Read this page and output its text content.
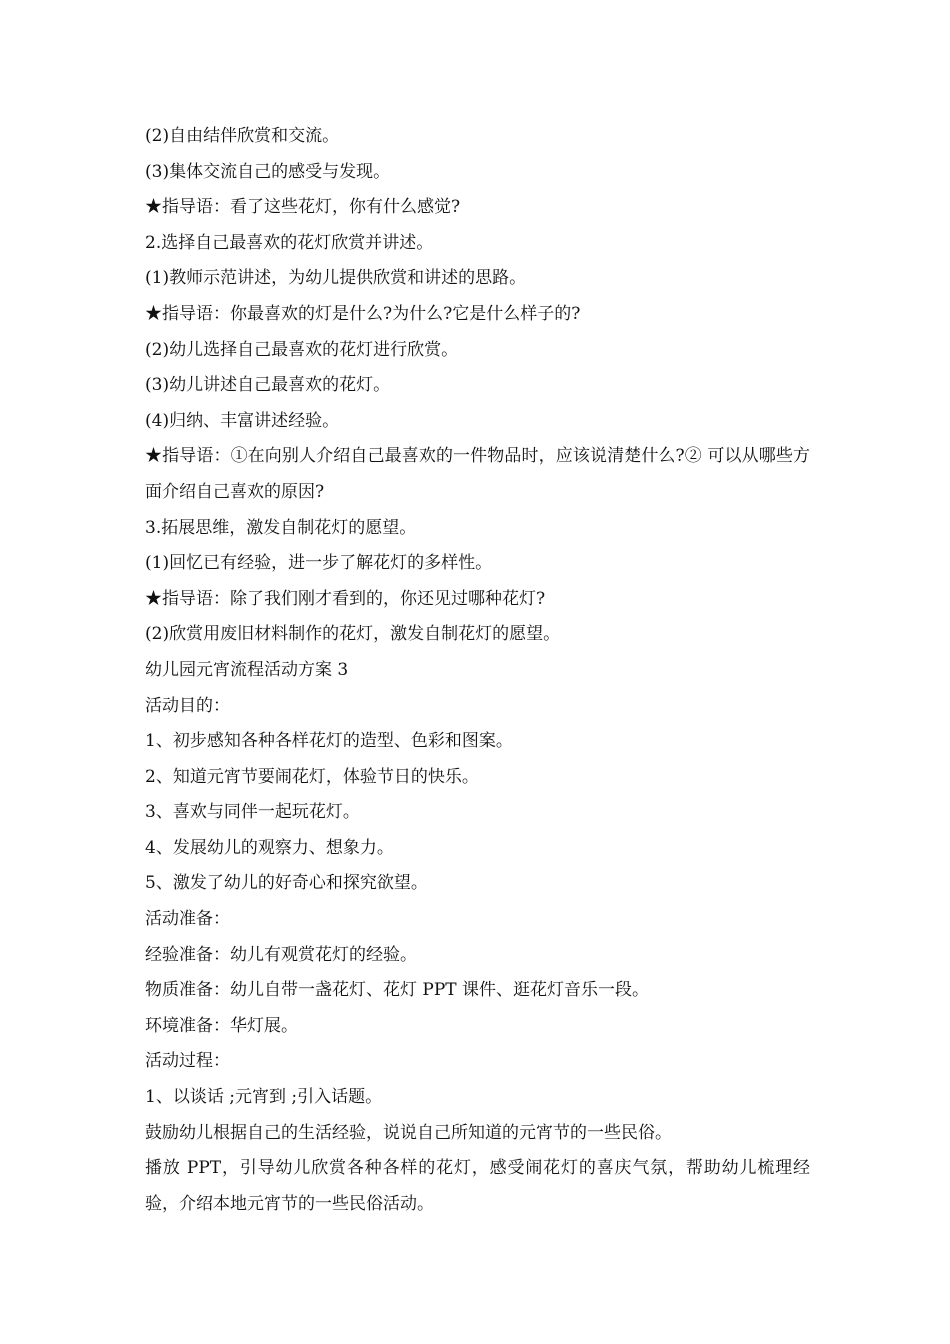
(2)自由结伴欣赏和交流。
(3)集体交流自己的感受与发现。
★指导语：看了这些花灯，你有什么感觉?
2.选择自己最喜欢的花灯欣赏并讲述。
(1)教师示范讲述，为幼儿提供欣赏和讲述的思路。
★指导语：你最喜欢的灯是什么?为什么?它是什么样子的?
(2)幼儿选择自己最喜欢的花灯进行欣赏。
(3)幼儿讲述自己最喜欢的花灯。
(4)归纳、丰富讲述经验。
★指导语：①在向别人介绍自己最喜欢的一件物品时，应该说清楚什么?② 可以从哪些方面介绍自己喜欢的原因?
3.拓展思维，激发自制花灯的愿望。
(1)回忆已有经验，进一步了解花灯的多样性。
★指导语：除了我们刚才看到的，你还见过哪种花灯?
(2)欣赏用废旧材料制作的花灯，激发自制花灯的愿望。
幼儿园元宵流程活动方案 3
活动目的：
1、初步感知各种各样花灯的造型、色彩和图案。
2、知道元宵节要闹花灯，体验节日的快乐。
3、喜欢与同伴一起玩花灯。
4、发展幼儿的观察力、想象力。
5、激发了幼儿的好奇心和探究欲望。
活动准备：
经验准备：幼儿有观赏花灯的经验。
物质准备：幼儿自带一盏花灯、花灯 PPT 课件、逛花灯音乐一段。
环境准备：华灯展。
活动过程：
1、以谈话 ;元宵到 ;引入话题。
鼓励幼儿根据自己的生活经验，说说自己所知道的元宵节的一些民俗。
播放 PPT，引导幼儿欣赏各种各样的花灯，感受闹花灯的喜庆气氛，帮助幼儿梳理经验，介绍本地元宵节的一些民俗活动。
